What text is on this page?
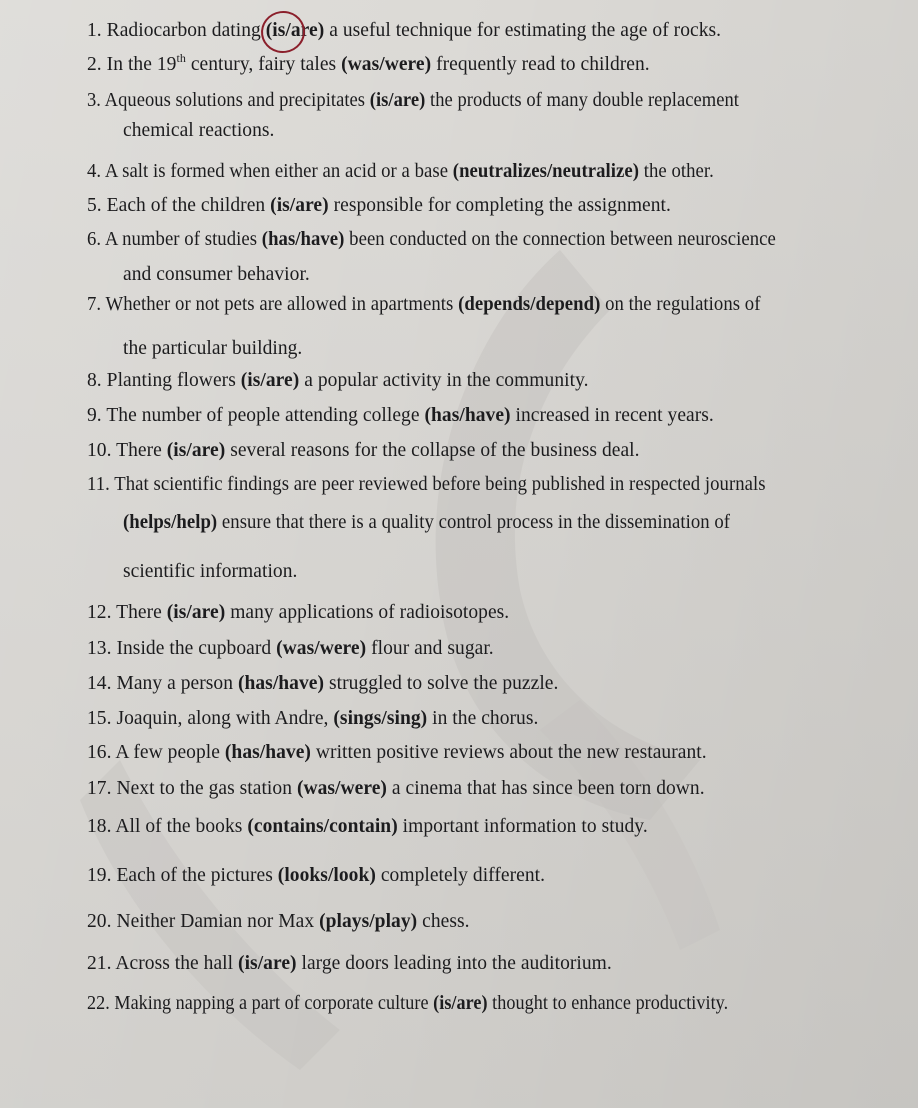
1. Radiocarbon dating
(is/are) a useful technique for estimating the age of rocks.
2. In the 19th century, fairy tales (was/were) frequently read to children.
3. Aqueous solutions and precipitates (is/are) the products of many double replacement
chemical reactions.
4. A salt is formed when either an acid or a base (neutralizes/neutralize) the other.
5. Each of the children (is/are) responsible for completing the assignment.
6. A number of studies (has/have) been conducted on the connection between neuroscience
and consumer behavior.
7. Whether or not pets are allowed in apartments (depends/depend) on the regulations of
the particular building.
8. Planting flowers (is/are) a popular activity in the community.
9. The number of people attending college (has/have) increased in recent years.
10. There (is/are) several reasons for the collapse of the business deal.
11. That scientific findings are peer reviewed before being published in respected journals
(helps/help) ensure that there is a quality control process in the dissemination of
scientific information.
12. There (is/are) many applications of radioisotopes.
13. Inside the cupboard (was/were) flour and sugar.
14. Many a person (has/have) struggled to solve the puzzle.
15. Joaquin, along with Andre, (sings/sing) in the chorus.
16. A few people (has/have) written positive reviews about the new restaurant.
17. Next to the gas station (was/were) a cinema that has since been torn down.
18. All of the books (contains/contain) important information to study.
19. Each of the pictures (looks/look) completely different.
20. Neither Damian nor Max (plays/play) chess.
21. Across the hall (is/are) large doors leading into the auditorium.
22. Making napping a part of corporate culture (is/are) thought to enhance productivity.
